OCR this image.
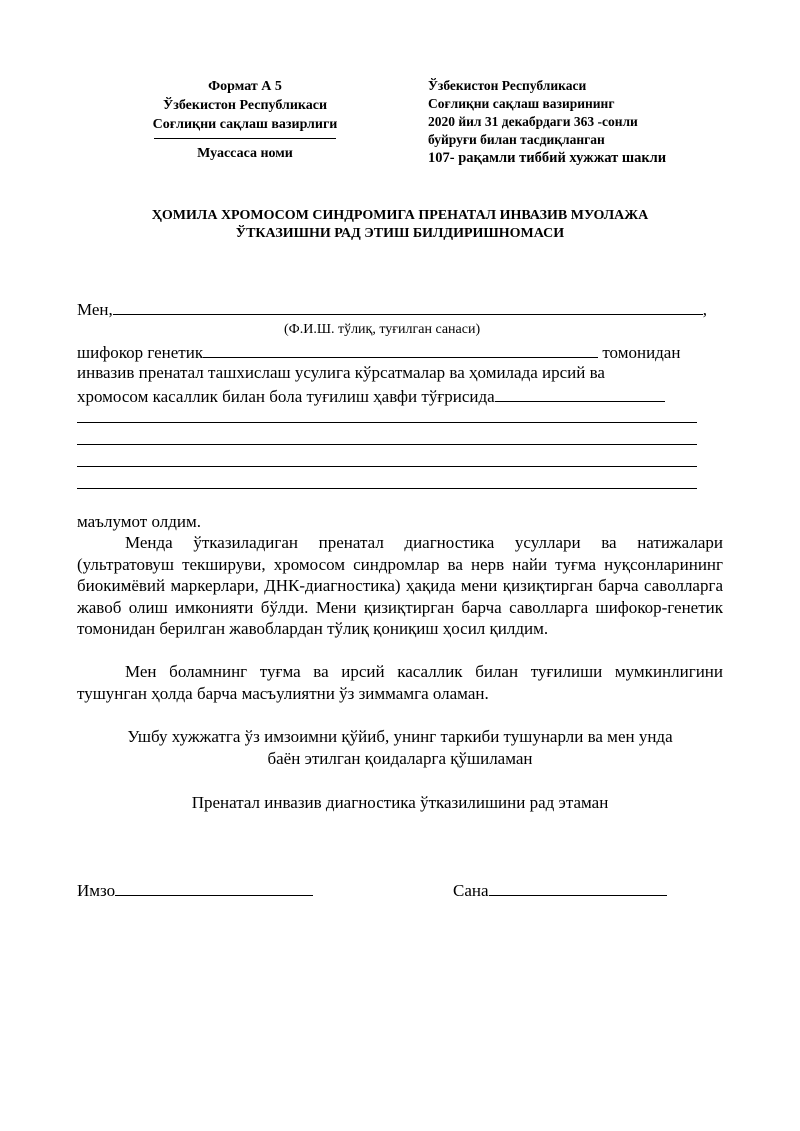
Формат А 5
Ўзбекистон Республикаси
Соғлиқни сақлаш вазирлиги
Муассаса номи
Ўзбекистон Республикаси
Соғлиқни сақлаш вазирининг
2020 йил 31 декабрдаги 363 -сонли
буйруғи билан тасдиқланган
107- рақамли тиббий хужжат шакли
ҲОМИЛА ХРОМОСОМ СИНДРОМИГА ПРЕНАТАЛ ИНВАЗИВ МУОЛАЖА
ЎТКАЗИШНИ РАД ЭТИШ БИЛДИРИШНОМАСИ
Мен,	,
(Ф.И.Ш. тўлиқ, туғилган санаси)
шифокор генетик	томонидан
инвазив пренатал ташхислаш усулига кўрсатмалар ва ҳомилада ирсий ва
хромосом касаллик билан бола туғилиш ҳавфи тўғрисида
маълумот олдим.
Менда ўтказиладиган пренатал диагностика усуллари ва натижалари (ультратовуш текшируви, хромосом синдромлар ва нерв найи туғма нуқсонларининг биокимёвий маркерлари, ДНК-диагностика) ҳақида мени қизиқтирган барча саволларга жавоб олиш имконияти бўлди. Мени қизиқтирган барча саволларга шифокор-генетик томонидан берилган жавоблардан тўлиқ қониқиш ҳосил қилдим.
Мен боламнинг туғма ва ирсий касаллик билан туғилиши мумкинлигини тушунган ҳолда барча масъулиятни ўз зиммамга оламан.
Ушбу хужжатга ўз имзоимни қўйиб, унинг таркиби тушунарли ва мен унда
баён этилган қоидаларга қўшиламан
Пренатал инвазив диагностика ўтказилишини рад этаман
Имзо	Сана
